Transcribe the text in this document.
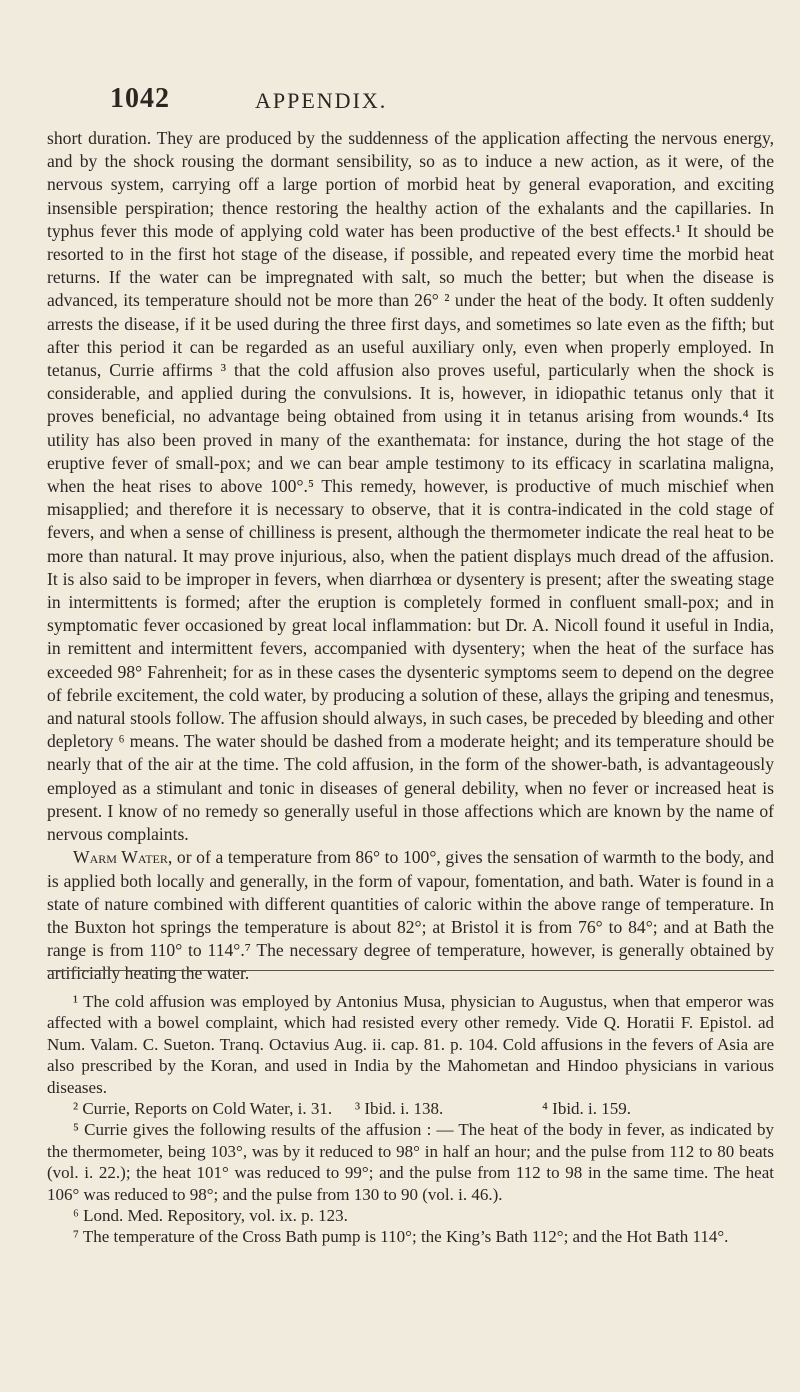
1042	APPENDIX.

short duration. They are produced by the suddenness of the application affecting the nervous energy, and by the shock rousing the dormant sensibility, so as to induce a new action, as it were, of the nervous system, carrying off a large portion of morbid heat by general evaporation, and exciting insensible perspiration; thence restoring the healthy action of the exhalants and the capillaries. In typhus fever this mode of applying cold water has been productive of the best effects.¹ It should be resorted to in the first hot stage of the disease, if possible, and repeated every time the morbid heat returns. If the water can be impregnated with salt, so much the better; but when the disease is advanced, its temperature should not be more than 26° ² under the heat of the body. It often suddenly arrests the disease, if it be used during the three first days, and sometimes so late even as the fifth; but after this period it can be regarded as an useful auxiliary only, even when properly employed. In tetanus, Currie affirms ³ that the cold affusion also proves useful, particularly when the shock is considerable, and applied during the convulsions. It is, however, in idiopathic tetanus only that it proves beneficial, no advantage being obtained from using it in tetanus arising from wounds.⁴ Its utility has also been proved in many of the exanthemata: for instance, during the hot stage of the eruptive fever of small-pox; and we can bear ample testimony to its efficacy in scarlatina maligna, when the heat rises to above 100°.⁵ This remedy, however, is productive of much mischief when misapplied; and therefore it is necessary to observe, that it is contra-indicated in the cold stage of fevers, and when a sense of chilliness is present, although the thermometer indicate the real heat to be more than natural. It may prove injurious, also, when the patient displays much dread of the affusion. It is also said to be improper in fevers, when diarrhœa or dysentery is present; after the sweating stage in intermittents is formed; after the eruption is completely formed in confluent small-pox; and in symptomatic fever occasioned by great local inflammation: but Dr. A. Nicoll found it useful in India, in remittent and intermittent fevers, accompanied with dysentery; when the heat of the surface has exceeded 98° Fahrenheit; for as in these cases the dysenteric symptoms seem to depend on the degree of febrile excitement, the cold water, by producing a solution of these, allays the griping and tenesmus, and natural stools follow. The affusion should always, in such cases, be preceded by bleeding and other depletory ⁶ means. The water should be dashed from a moderate height; and its temperature should be nearly that of the air at the time. The cold affusion, in the form of the shower-bath, is advantageously employed as a stimulant and tonic in diseases of general debility, when no fever or increased heat is present. I know of no remedy so generally useful in those affections which are known by the name of nervous complaints.

Warm Water, or of a temperature from 86° to 100°, gives the sensation of warmth to the body, and is applied both locally and generally, in the form of vapour, fomentation, and bath. Water is found in a state of nature combined with different quantities of caloric within the above range of temperature. In the Buxton hot springs the temperature is about 82°; at Bristol it is from 76° to 84°; and at Bath the range is from 110° to 114°.⁷ The necessary degree of temperature, however, is generally obtained by artificially heating the water.

¹ The cold affusion was employed by Antonius Musa, physician to Augustus, when that emperor was affected with a bowel complaint, which had resisted every other remedy. Vide Q. Horatii F. Epistol. ad Num. Valam. C. Sueton. Tranq. Octavius Aug. ii. cap. 81. p. 104. Cold affusions in the fevers of Asia are also prescribed by the Koran, and used in India by the Mahometan and Hindoo physicians in various diseases.

² Currie, Reports on Cold Water, i. 31.	³ Ibid. i. 138.	⁴ Ibid. i. 159.

⁵ Currie gives the following results of the affusion : — The heat of the body in fever, as indicated by the thermometer, being 103°, was by it reduced to 98° in half an hour; and the pulse from 112 to 80 beats (vol. i. 22.); the heat 101° was reduced to 99°; and the pulse from 112 to 98 in the same time. The heat 106° was reduced to 98°; and the pulse from 130 to 90 (vol. i. 46.).

⁶ Lond. Med. Repository, vol. ix. p. 123.

⁷ The temperature of the Cross Bath pump is 110°; the King’s Bath 112°; and the Hot Bath 114°.
